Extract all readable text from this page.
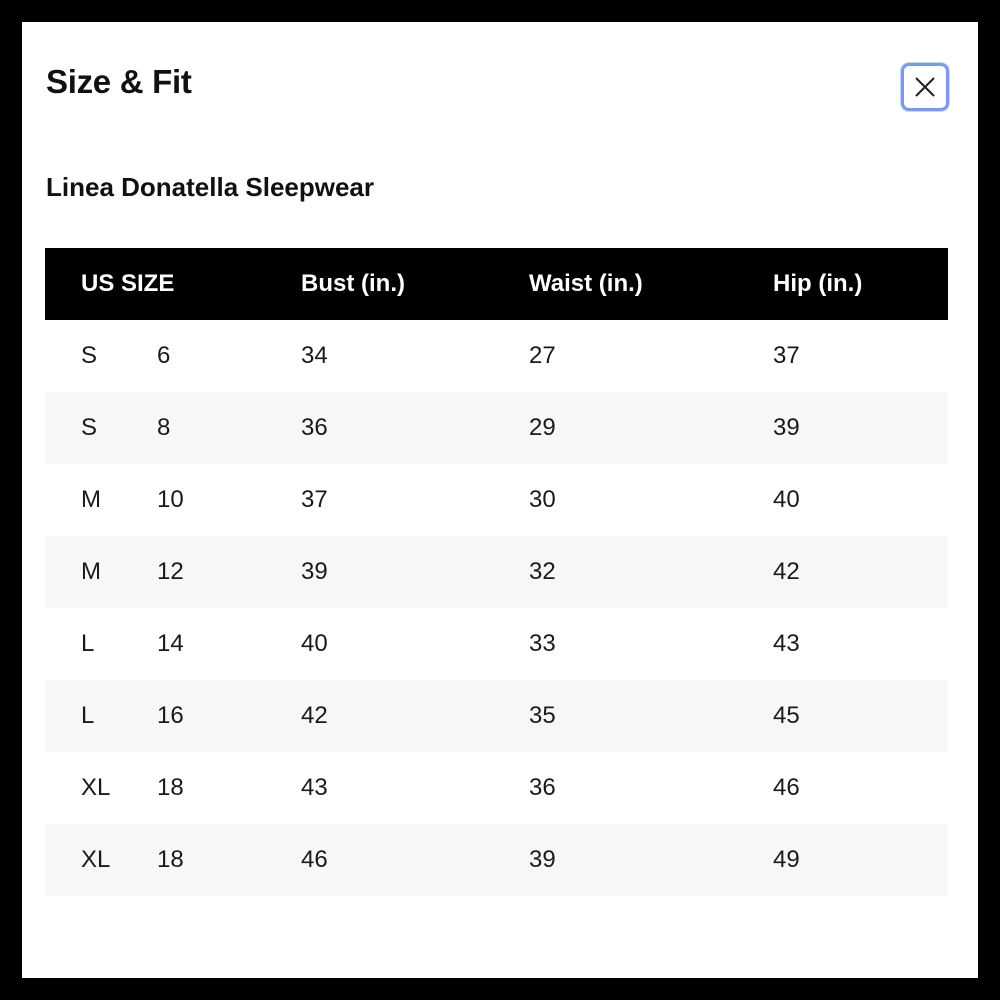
Size & Fit
Linea Donatella Sleepwear
US SIZE	Bust (in.)	Waist (in.)	Hip (in.)
S 6	34	27	37
S 8	36	29	39
M 10	37	30	40
M 12	39	32	42
L 14	40	33	43
L 16	42	35	45
XL 18	43	36	46
XL 18	46	39	49
